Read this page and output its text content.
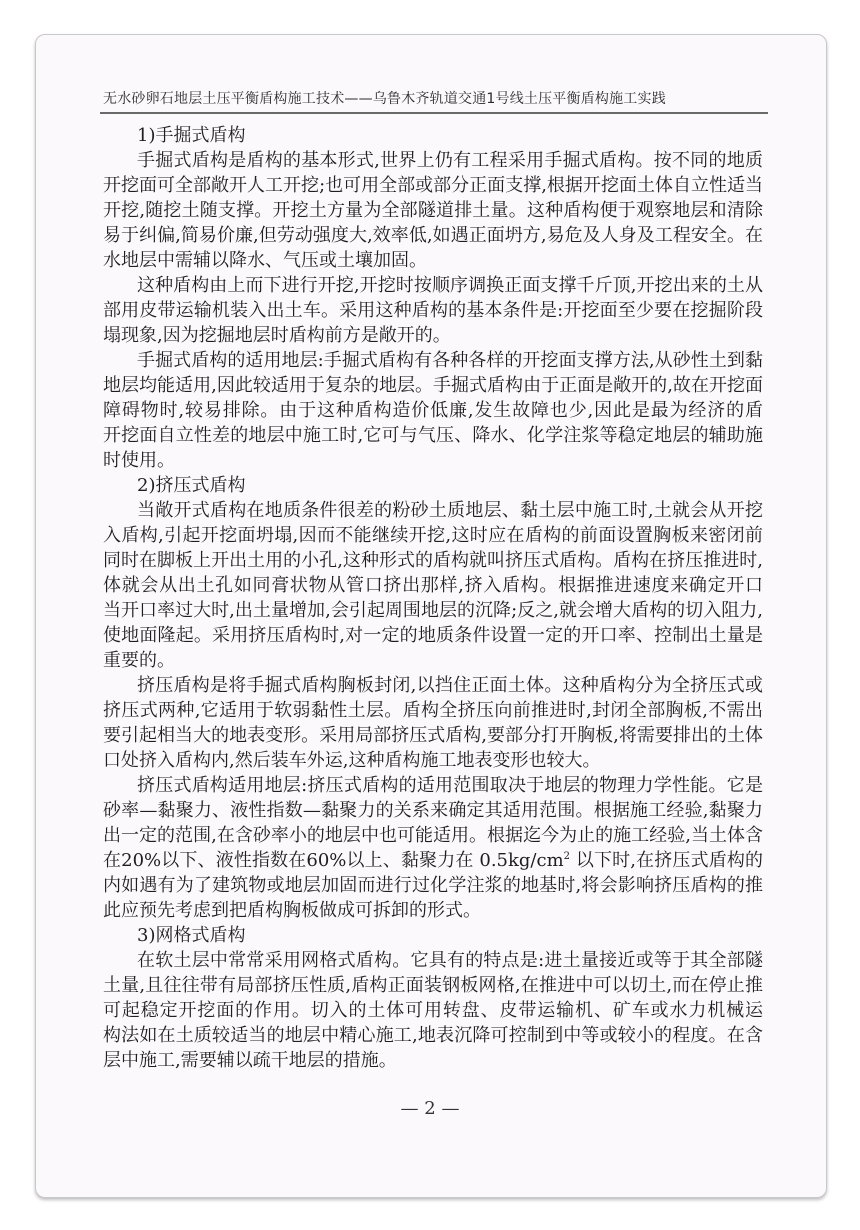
无水砂卵石地层土压平衡盾构施工技术——乌鲁木齐轨道交通1号线土压平衡盾构施工实践
1)手掘式盾构
手掘式盾构是盾构的基本形式,世界上仍有工程采用手掘式盾构。按不同的地质
开挖面可全部敞开人工开挖;也可用全部或部分正面支撑,根据开挖面土体自立性适当
开挖,随挖土随支撑。开挖土方量为全部隧道排土量。这种盾构便于观察地层和清除
易于纠偏,简易价廉,但劳动强度大,效率低,如遇正面坍方,易危及人身及工程安全。在
水地层中需辅以降水、气压或土壤加固。
这种盾构由上而下进行开挖,开挖时按顺序调换正面支撑千斤顶,开挖出来的土从
部用皮带运输机装入出土车。采用这种盾构的基本条件是:开挖面至少要在挖掘阶段
塌现象,因为挖掘地层时盾构前方是敞开的。
手掘式盾构的适用地层:手掘式盾构有各种各样的开挖面支撑方法,从砂性土到黏
地层均能适用,因此较适用于复杂的地层。手掘式盾构由于正面是敞开的,故在开挖面
障碍物时,较易排除。由于这种盾构造价低廉,发生故障也少,因此是最为经济的盾
开挖面自立性差的地层中施工时,它可与气压、降水、化学注浆等稳定地层的辅助施
时使用。
2)挤压式盾构
当敞开式盾构在地质条件很差的粉砂土质地层、黏土层中施工时,土就会从开挖
入盾构,引起开挖面坍塌,因而不能继续开挖,这时应在盾构的前面设置胸板来密闭前
同时在脚板上开出土用的小孔,这种形式的盾构就叫挤压式盾构。盾构在挤压推进时,
体就会从出土孔如同膏状物从管口挤出那样,挤入盾构。根据推进速度来确定开口
当开口率过大时,出土量增加,会引起周围地层的沉降;反之,就会增大盾构的切入阻力,
使地面隆起。采用挤压盾构时,对一定的地质条件设置一定的开口率、控制出土量是
重要的。
挤压盾构是将手掘式盾构胸板封闭,以挡住正面土体。这种盾构分为全挤压式或
挤压式两种,它适用于软弱黏性土层。盾构全挤压向前推进时,封闭全部胸板,不需出
要引起相当大的地表变形。采用局部挤压式盾构,要部分打开胸板,将需要排出的土体
口处挤入盾构内,然后装车外运,这种盾构施工地表变形也较大。
挤压式盾构适用地层:挤压式盾构的适用范围取决于地层的物理力学性能。它是
砂率—黏聚力、液性指数—黏聚力的关系来确定其适用范围。根据施工经验,黏聚力
出一定的范围,在含砂率小的地层中也可能适用。根据迄今为止的施工经验,当土体含
在20%以下、液性指数在60%以上、黏聚力在 $0.5kg/cm^2$ 以下时,在挤压式盾构的
内如遇有为了建筑物或地层加固而进行过化学注浆的地基时,将会影响挤压盾构的推
此应预先考虑到把盾构胸板做成可拆卸的形式。
3)网格式盾构
在软土层中常常采用网格式盾构。它具有的特点是:进土量接近或等于其全部隧
土量,且往往带有局部挤压性质,盾构正面装钢板网格,在推进中可以切土,而在停止推
可起稳定开挖面的作用。切入的土体可用转盘、皮带运输机、矿车或水力机械运
构法如在土质较适当的地层中精心施工,地表沉降可控制到中等或较小的程度。在含
层中施工,需要辅以疏干地层的措施。
— 2 —
